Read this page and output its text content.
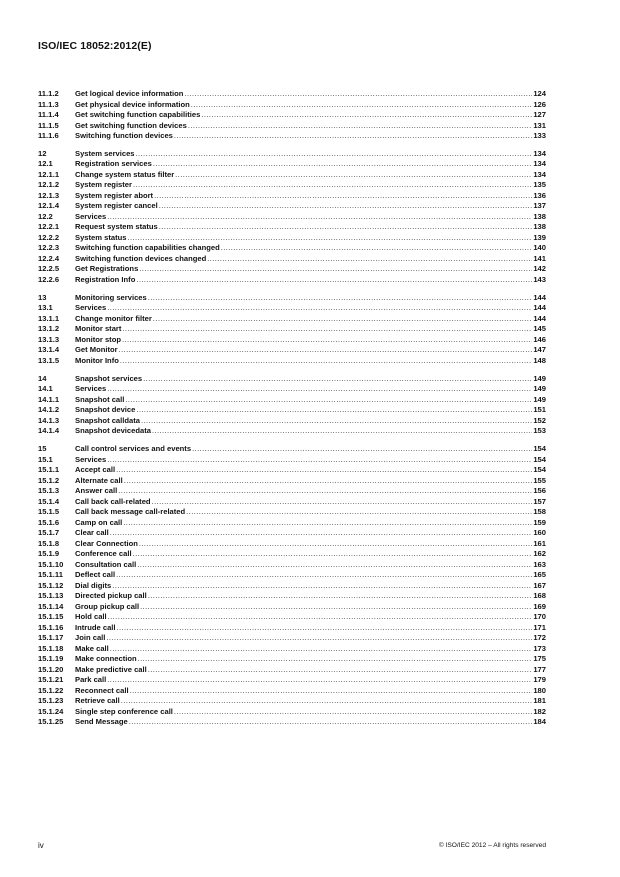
ISO/IEC 18052:2012(E)
11.1.2	Get logical device information .....	124
11.1.3	Get physical device information .....	126
11.1.4	Get switching function capabilities .....	127
11.1.5	Get switching function devices .....	131
11.1.6	Switching function devices .....	133
12	System services .....	134
12.1	Registration services .....	134
12.1.1	Change system status filter .....	134
12.1.2	System register .....	135
12.1.3	System register abort .....	136
12.1.4	System register cancel .....	137
12.2	Services .....	138
12.2.1	Request system status .....	138
12.2.2	System status .....	139
12.2.3	Switching function capabilities changed .....	140
12.2.4	Switching function devices changed .....	141
12.2.5	Get Registrations .....	142
12.2.6	Registration Info .....	143
13	Monitoring services .....	144
13.1	Services .....	144
13.1.1	Change monitor filter .....	144
13.1.2	Monitor start .....	145
13.1.3	Monitor stop .....	146
13.1.4	Get Monitor .....	147
13.1.5	Monitor Info .....	148
14	Snapshot services .....	149
14.1	Services .....	149
14.1.1	Snapshot call .....	149
14.1.2	Snapshot device .....	151
14.1.3	Snapshot calldata .....	152
14.1.4	Snapshot devicedata .....	153
15	Call control services and events .....	154
15.1	Services .....	154
15.1.1	Accept call .....	154
15.1.2	Alternate call .....	155
15.1.3	Answer call .....	156
15.1.4	Call back call-related .....	157
15.1.5	Call back message call-related .....	158
15.1.6	Camp on call .....	159
15.1.7	Clear call .....	160
15.1.8	Clear Connection .....	161
15.1.9	Conference call .....	162
15.1.10	Consultation call .....	163
15.1.11	Deflect call .....	165
15.1.12	Dial digits .....	167
15.1.13	Directed pickup call .....	168
15.1.14	Group pickup call .....	169
15.1.15	Hold call .....	170
15.1.16	Intrude call .....	171
15.1.17	Join call .....	172
15.1.18	Make call .....	173
15.1.19	Make connection .....	175
15.1.20	Make predictive call .....	177
15.1.21	Park call .....	179
15.1.22	Reconnect call .....	180
15.1.23	Retrieve call .....	181
15.1.24	Single step conference call .....	182
15.1.25	Send Message .....	184
iv	© ISO/IEC 2012 – All rights reserved
